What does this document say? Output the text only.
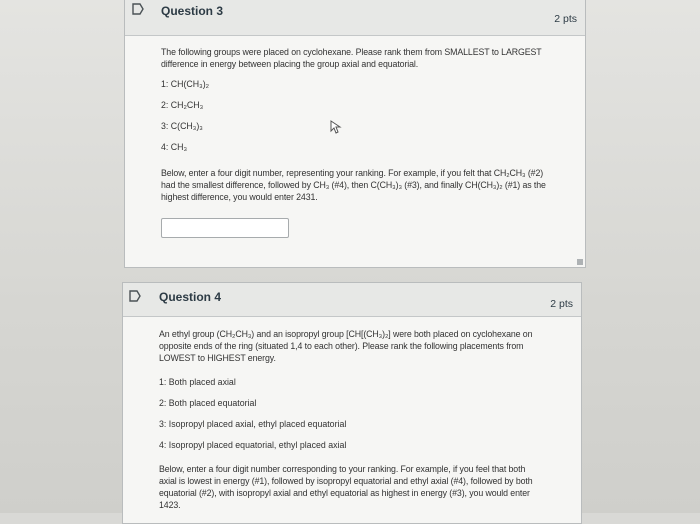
Question 3
2 pts
The following groups were placed on cyclohexane. Please rank them from SMALLEST to LARGEST
difference in energy between placing the group axial and equatorial.
1: CH(CH₃)₂
2: CH₂CH₃
3: C(CH₃)₃
4: CH₃
Below, enter a four digit number, representing your ranking. For example, if you felt that CH₂CH₃ (#2)
had the smallest difference, followed by CH₃ (#4), then C(CH₃)₃ (#3), and finally CH(CH₃)₂ (#1) as the
highest difference, you would enter 2431.
Question 4	2 pts
An ethyl group (CH₂CH₃) and an isopropyl group [CH[(CH₃)₂] were both placed on cyclohexane on
opposite ends of the ring (situated 1,4 to each other). Please rank the following placements from
LOWEST to HIGHEST energy.
1: Both placed axial
2: Both placed equatorial
3: Isopropyl placed axial, ethyl placed equatorial
4: Isopropyl placed equatorial, ethyl placed axial
Below, enter a four digit number corresponding to your ranking. For example, if you feel that both
axial is lowest in energy (#1), followed by isopropyl equatorial and ethyl axial (#4), followed by both
equatorial (#2), with isopropyl axial and ethyl equatorial as highest in energy (#3), you would enter
1423.
